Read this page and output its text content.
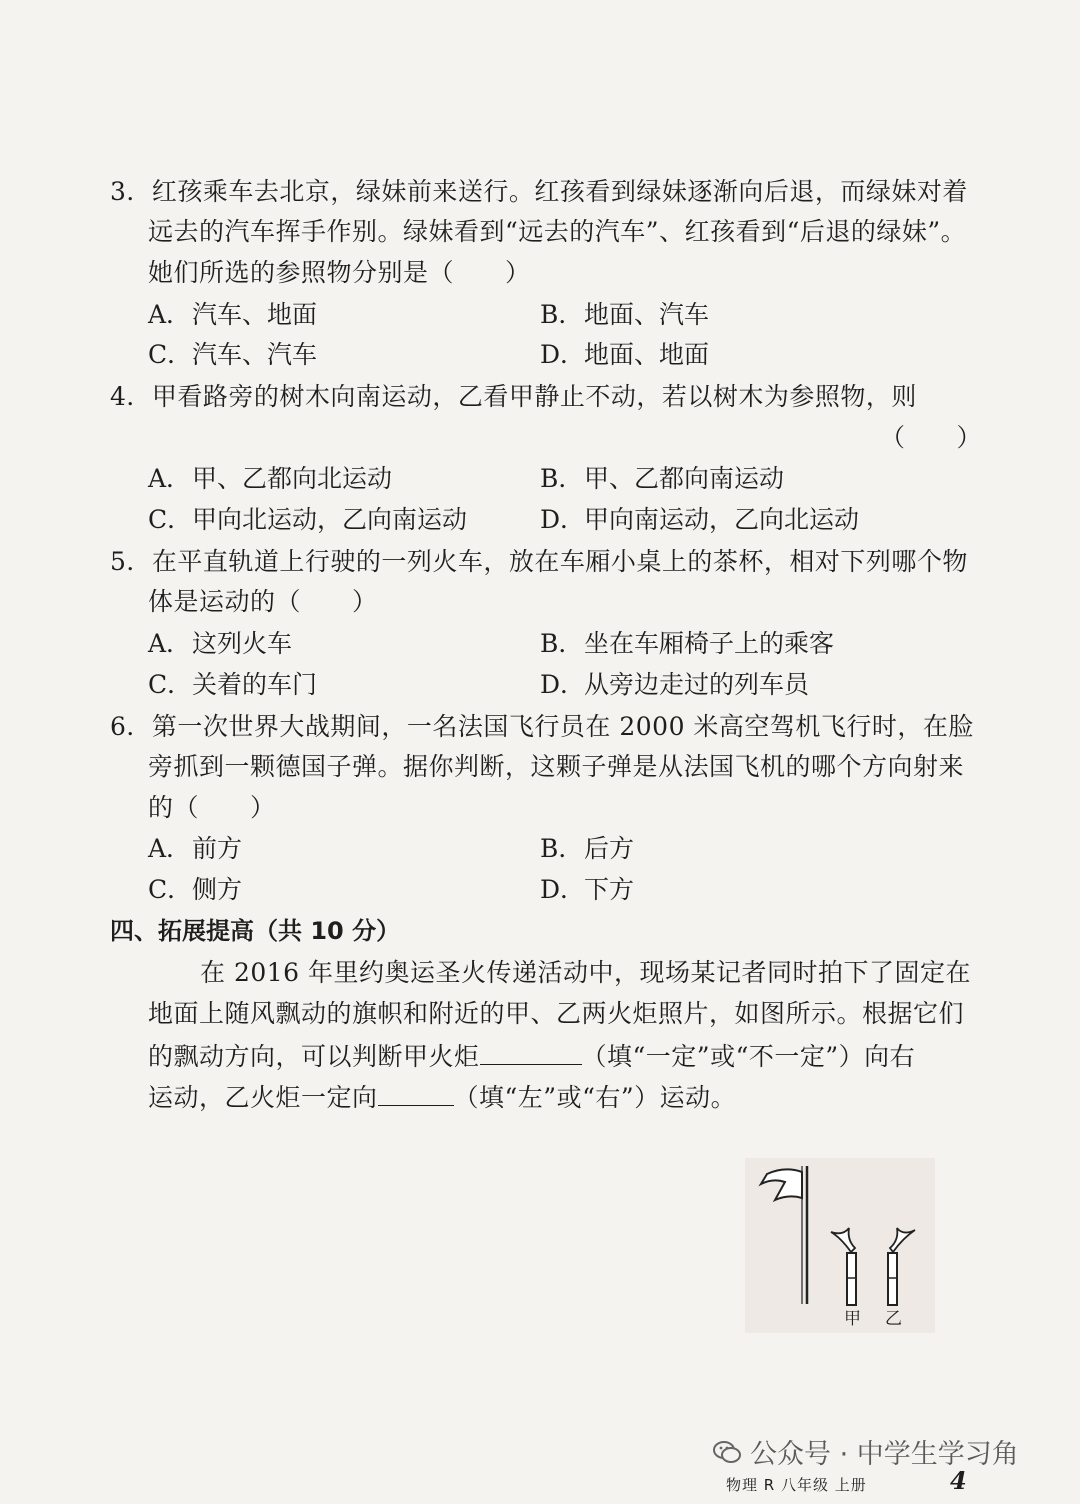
3．红孩乘车去北京，绿妹前来送行。红孩看到绿妹逐渐向后退，而绿妹对着
远去的汽车挥手作别。绿妹看到“远去的汽车”、红孩看到“后退的绿妹”。
她们所选的参照物分别是（　　）
A．汽车、地面	B．地面、汽车
C．汽车、汽车	D．地面、地面
4．甲看路旁的树木向南运动，乙看甲静止不动，若以树木为参照物，则
（　　）
A．甲、乙都向北运动	B．甲、乙都向南运动
C．甲向北运动，乙向南运动	D．甲向南运动，乙向北运动
5．在平直轨道上行驶的一列火车，放在车厢小桌上的茶杯，相对下列哪个物
体是运动的（　　）
A．这列火车	B．坐在车厢椅子上的乘客
C．关着的车门	D．从旁边走过的列车员
6．第一次世界大战期间，一名法国飞行员在 2000 米高空驾机飞行时，在脸
旁抓到一颗德国子弹。据你判断，这颗子弹是从法国飞机的哪个方向射来
的（　　）
A．前方	B．后方
C．侧方	D．下方
四、拓展提高（共 10 分）
在 2016 年里约奥运圣火传递活动中，现场某记者同时拍下了固定在
地面上随风飘动的旗帜和附近的甲、乙两火炬照片，如图所示。根据它们
的飘动方向，可以判断甲火炬	（填“一定”或“不一定”）向右
运动，乙火炬一定向	（填“左”或“右”）运动。
甲 乙
公众号 · 中学生学习角
物理 R 八年级 上册	4
